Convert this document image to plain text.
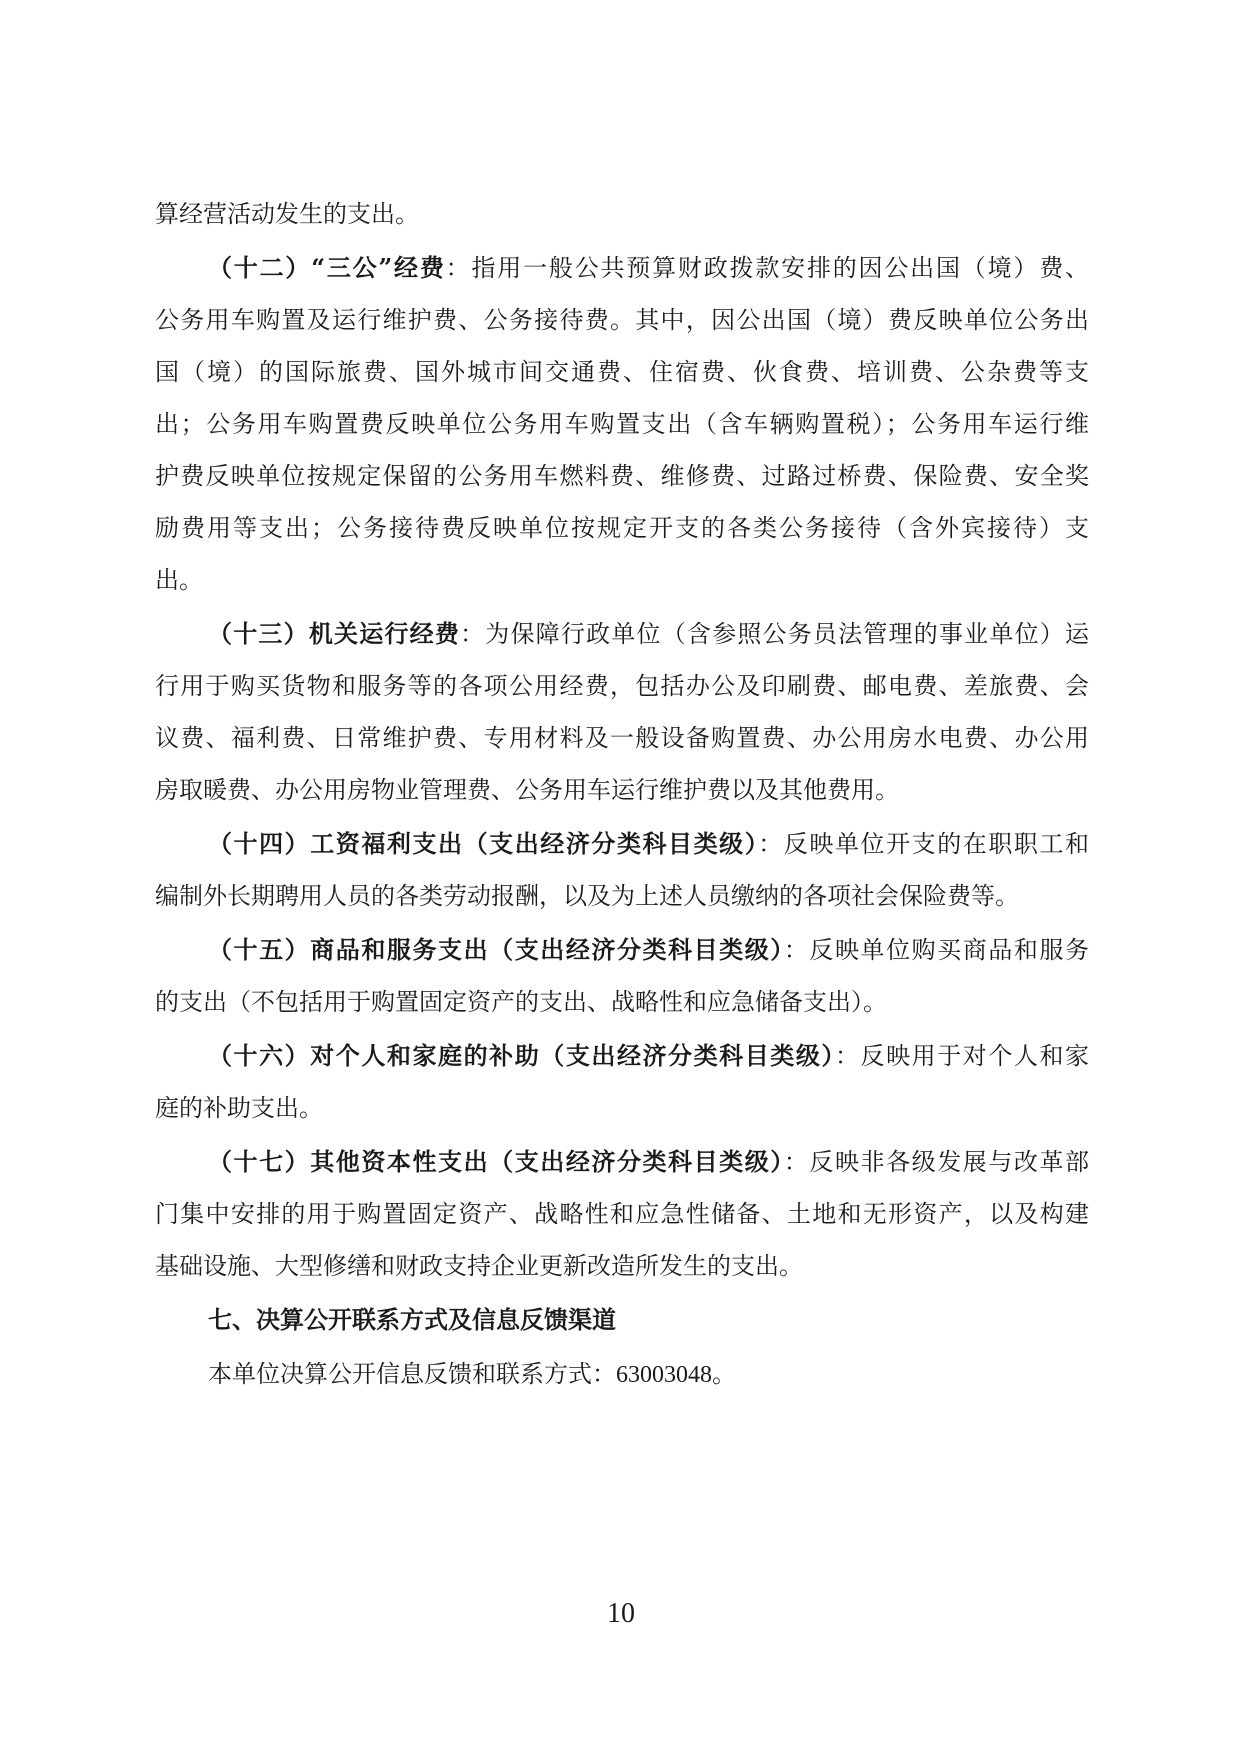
算经营活动发生的支出。
（十二）“三公”经费：指用一般公共预算财政拨款安排的因公出国（境）费、
公务用车购置及运行维护费、公务接待费。其中，因公出国（境）费反映单位公务出
国（境）的国际旅费、国外城市间交通费、住宿费、伙食费、培训费、公杂费等支
出；公务用车购置费反映单位公务用车购置支出（含车辆购置税）；公务用车运行维
护费反映单位按规定保留的公务用车燃料费、维修费、过路过桥费、保险费、安全奖
励费用等支出；公务接待费反映单位按规定开支的各类公务接待（含外宾接待）支
出。
（十三）机关运行经费：为保障行政单位（含参照公务员法管理的事业单位）运
行用于购买货物和服务等的各项公用经费，包括办公及印刷费、邮电费、差旅费、会
议费、福利费、日常维护费、专用材料及一般设备购置费、办公用房水电费、办公用
房取暖费、办公用房物业管理费、公务用车运行维护费以及其他费用。
（十四）工资福利支出（支出经济分类科目类级）：反映单位开支的在职职工和
编制外长期聘用人员的各类劳动报酬，以及为上述人员缴纳的各项社会保险费等。
（十五）商品和服务支出（支出经济分类科目类级）：反映单位购买商品和服务
的支出（不包括用于购置固定资产的支出、战略性和应急储备支出）。
（十六）对个人和家庭的补助（支出经济分类科目类级）：反映用于对个人和家
庭的补助支出。
（十七）其他资本性支出（支出经济分类科目类级）：反映非各级发展与改革部
门集中安排的用于购置固定资产、战略性和应急性储备、土地和无形资产，以及构建
基础设施、大型修缮和财政支持企业更新改造所发生的支出。
七、决算公开联系方式及信息反馈渠道
本单位决算公开信息反馈和联系方式：63003048。
10
